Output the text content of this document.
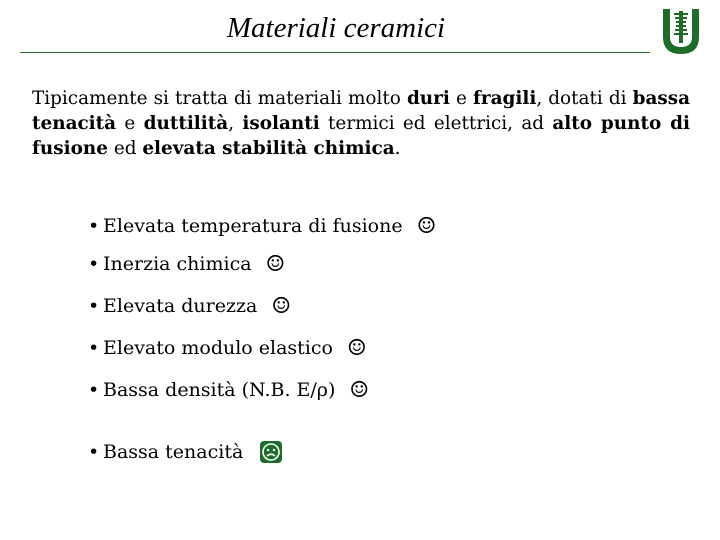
Materiali ceramici
Tipicamente si tratta di materiali molto duri e fragili, dotati di bassa tenacità e duttilità, isolanti termici ed elettrici, ad alto punto di fusione ed elevata stabilità chimica.
• Elevata temperatura di fusione ☺
• Inerzia chimica ☺
• Elevata durezza ☺
• Elevato modulo elastico ☺
• Bassa densità (N.B. E/ρ) ☺
• Bassa tenacità
